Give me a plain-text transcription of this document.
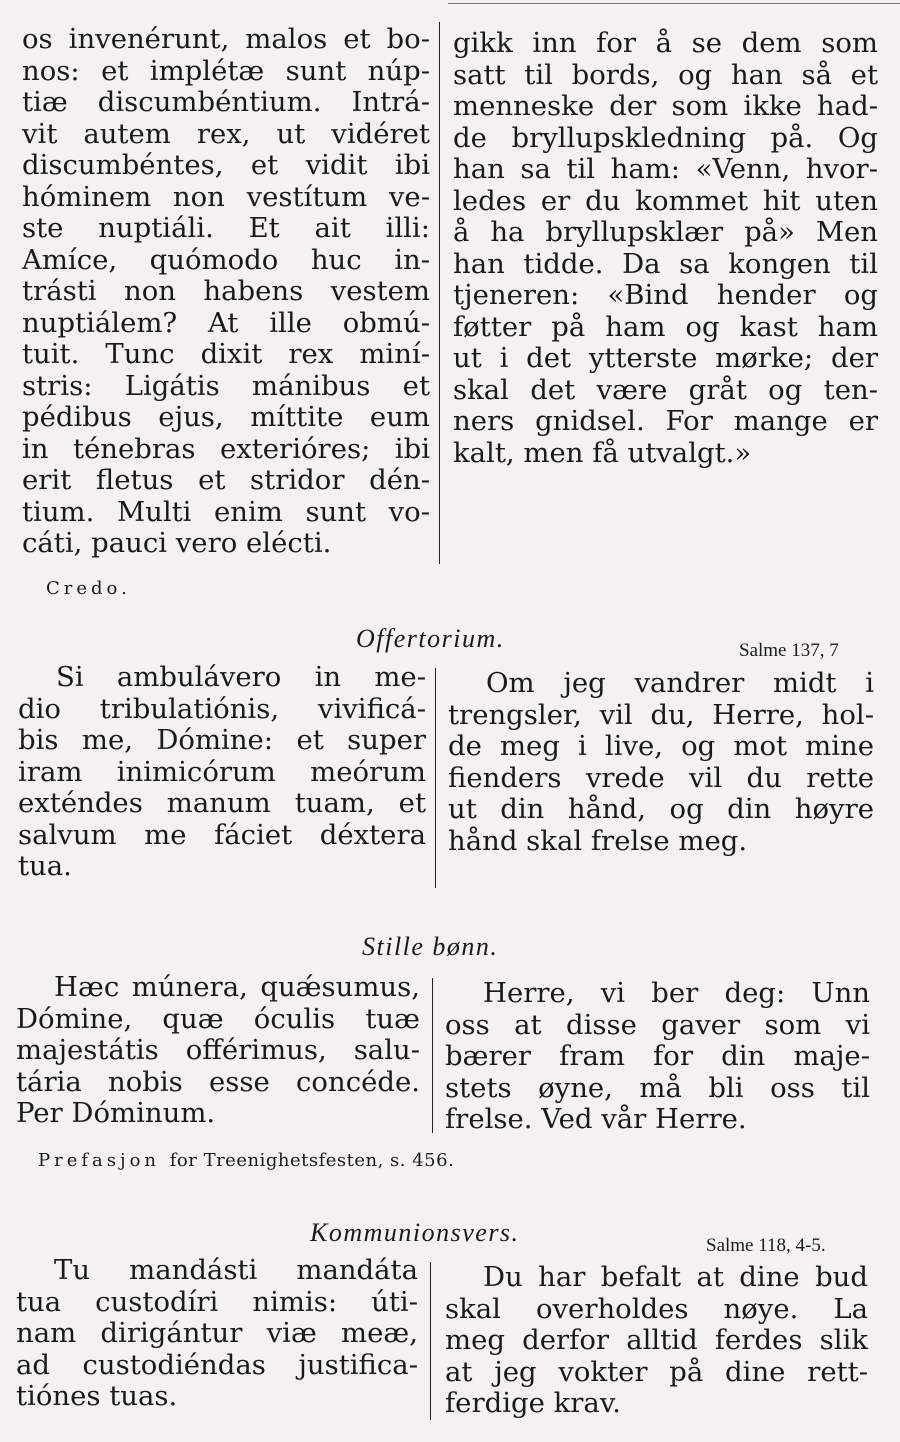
os invenérunt, malos et bo-
nos: et implétæ sunt núp-
tiæ discumbéntium. Intrá-
vit autem rex, ut vidéret
discumbéntes, et vidit ibi
hóminem non vestítum ve-
ste nuptiáli. Et ait illi:
Amíce, quómodo huc in-
trásti non habens vestem
nuptiálem? At ille obmú-
tuit. Tunc dixit rex miní-
stris: Ligátis mánibus et
pédibus ejus, míttite eum
in ténebras exterióres; ibi
erit fletus et stridor dén-
tium. Multi enim sunt vo-
cáti, pauci vero elécti.
gikk inn for å se dem som
satt til bords, og han så et
menneske der som ikke had-
de bryllupskledning på. Og
han sa til ham: «Venn, hvor-
ledes er du kommet hit uten
å ha bryllupsklær på» Men
han tidde. Da sa kongen til
tjeneren: «Bind hender og
føtter på ham og kast ham
ut i det ytterste mørke; der
skal det være gråt og ten-
ners gnidsel. For mange er
kalt, men få utvalgt.»
Credo.
Offertorium.	Salme 137, 7
Si ambulávero in me-
dio tribulatiónis, vivificá-
bis me, Dómine: et super
iram inimicórum meórum
exténdes manum tuam, et
salvum me fáciet déxtera
tua.
Om jeg vandrer midt i
trengsler, vil du, Herre, hol-
de meg i live, og mot mine
fienders vrede vil du rette
ut din hånd, og din høyre
hånd skal frelse meg.
Stille bønn.
Hæc múnera, quǽsumus,
Dómine, quæ óculis tuæ
majestátis offérimus, salu-
tária nobis esse concéde.
Per Dóminum.
Herre, vi ber deg: Unn
oss at disse gaver som vi
bærer fram for din maje-
stets øyne, må bli oss til
frelse. Ved vår Herre.
Prefasjon for Treenighetsfesten, s. 456.
Kommunionsvers.	Salme 118, 4-5.
Tu mandásti mandáta
tua custodíri nimis: úti-
nam dirigántur viæ meæ,
ad custodiéndas justifica-
tiónes tuas.
Du har befalt at dine bud
skal overholdes nøye. La
meg derfor alltid ferdes slik
at jeg vokter på dine rett-
ferdige krav.
